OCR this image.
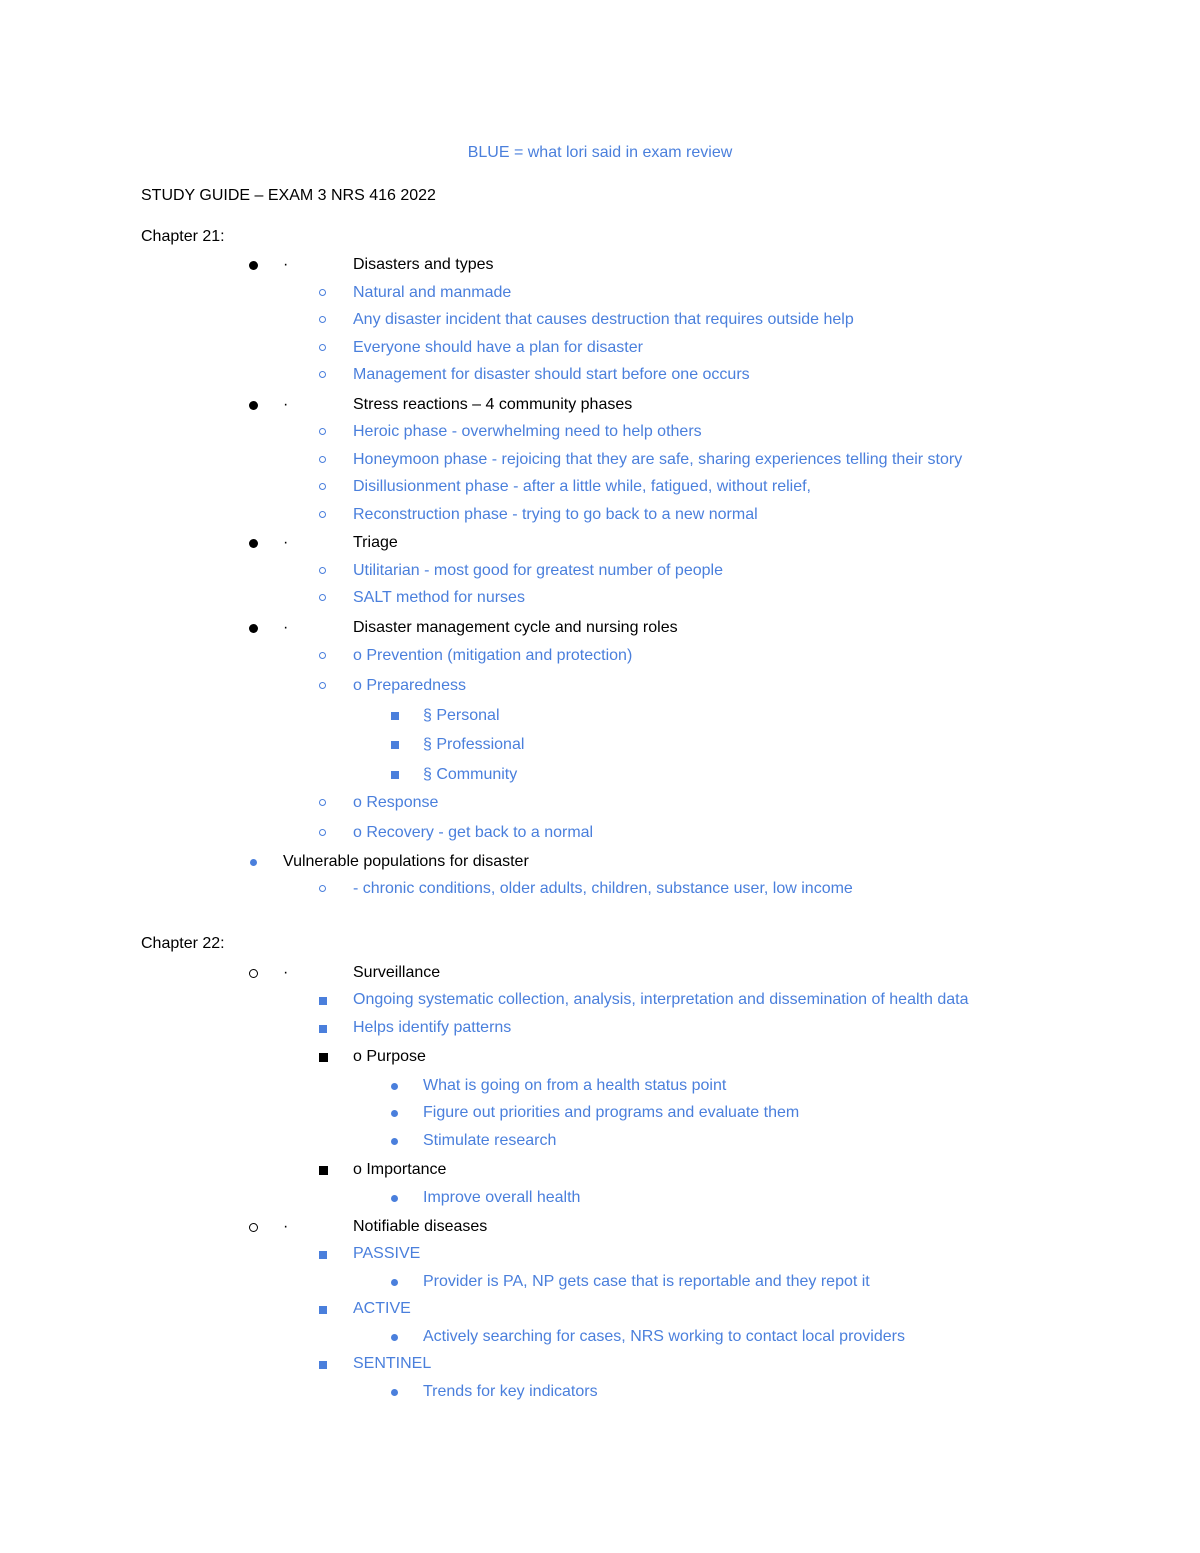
BLUE = what lori said in exam review
STUDY GUIDE – EXAM 3 NRS 416 2022
Chapter 21:
·	Disasters and types
Natural and manmade
Any disaster incident that causes destruction that requires outside help
Everyone should have a plan for disaster
Management for disaster should start before one occurs
·	Stress reactions – 4 community phases
Heroic phase - overwhelming need to help others
Honeymoon phase - rejoicing that they are safe, sharing experiences telling their story
Disillusionment phase - after a little while, fatigued, without relief,
Reconstruction phase - trying to go back to a new normal
·	Triage
Utilitarian - most good for greatest number of people
SALT method for nurses
·	Disaster management cycle and nursing roles
o Prevention (mitigation and protection)
o Preparedness
§ Personal
§ Professional
§ Community
o Response
o Recovery - get back to a normal
Vulnerable populations for disaster
- chronic conditions, older adults, children, substance user, low income
Chapter 22:
·	Surveillance
Ongoing systematic collection, analysis, interpretation and dissemination of health data
Helps identify patterns
o Purpose
What is going on from a health status point
Figure out priorities and programs and evaluate them
Stimulate research
o Importance
Improve overall health
·	Notifiable diseases
PASSIVE
Provider is PA, NP gets case that is reportable and they repot it
ACTIVE
Actively searching for cases, NRS working to contact local providers
SENTINEL
Trends for key indicators
